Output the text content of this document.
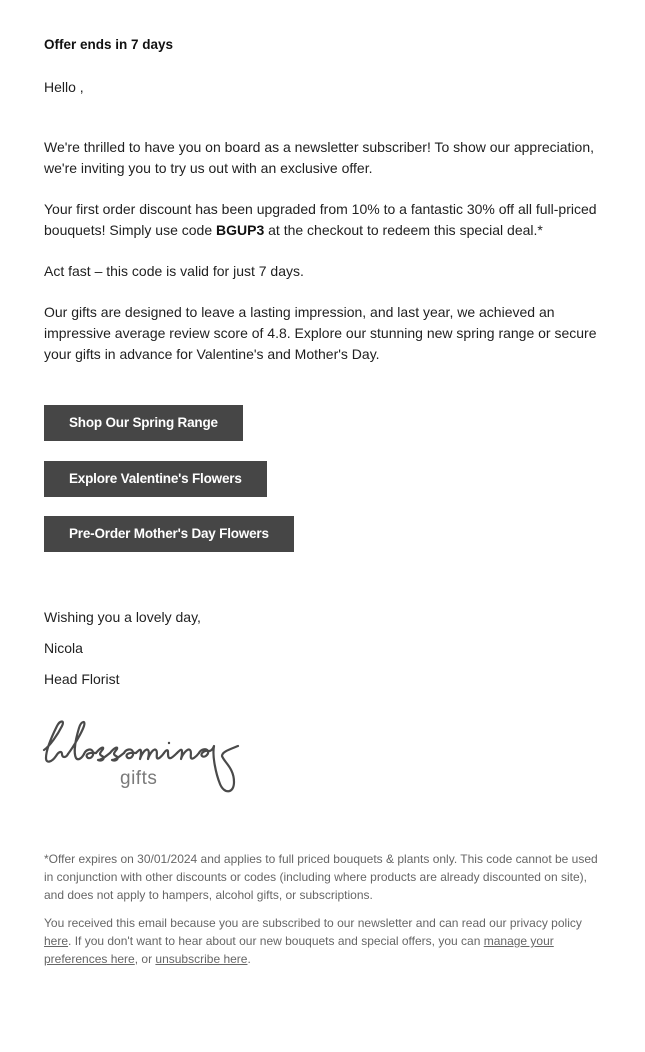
Offer ends in 7 days

Hello ,

We're thrilled to have you on board as a newsletter subscriber! To show our appreciation, we're inviting you to try us out with an exclusive offer.

Your first order discount has been upgraded from 10% to a fantastic 30% off all full-priced bouquets! Simply use code BGUP3 at the checkout to redeem this special deal.*

Act fast – this code is valid for just 7 days.

Our gifts are designed to leave a lasting impression, and last year, we achieved an impressive average review score of 4.8. Explore our stunning new spring range or secure your gifts in advance for Valentine's and Mother's Day.

Shop Our Spring Range
Explore Valentine's Flowers
Pre-Order Mother's Day Flowers

Wishing you a lovely day,

Nicola

Head Florist

gifts

*Offer expires on 30/01/2024 and applies to full priced bouquets & plants only. This code cannot be used in conjunction with other discounts or codes (including where products are already discounted on site), and does not apply to hampers, alcohol gifts, or subscriptions.

You received this email because you are subscribed to our newsletter and can read our privacy policy here. If you don't want to hear about our new bouquets and special offers, you can manage your preferences here, or unsubscribe here.
